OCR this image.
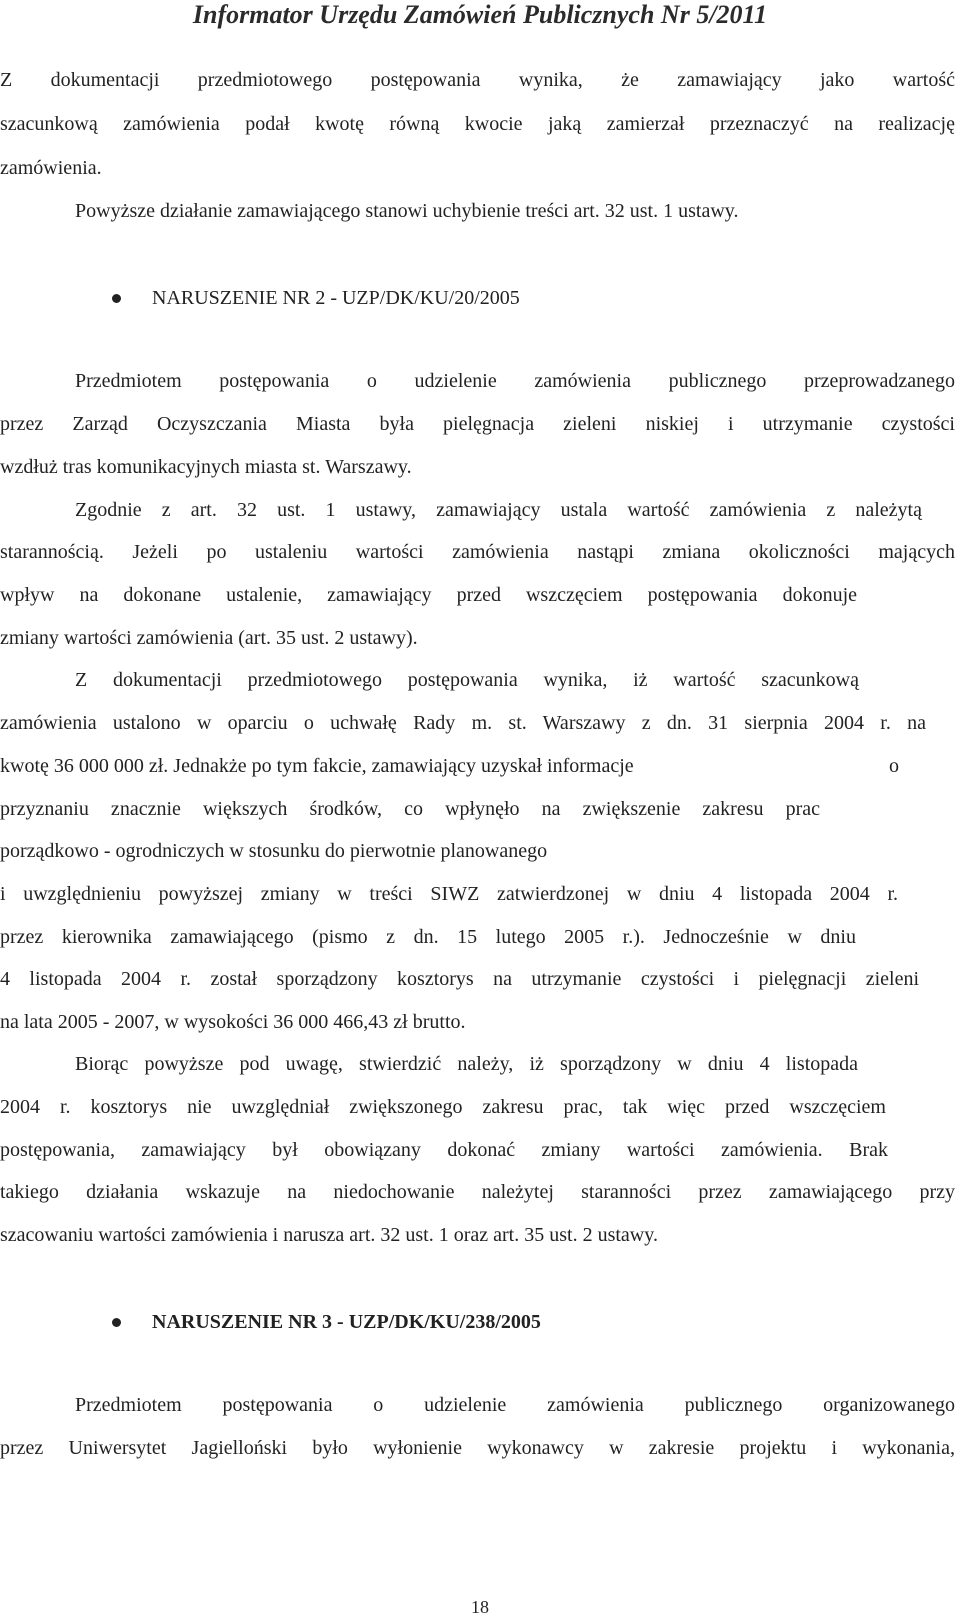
Informator Urzędu Zamówień Publicznych Nr 5/2011
Z dokumentacji przedmiotowego postępowania wynika, że zamawiający jako wartość
szacunkową zamówienia podał kwotę równą kwocie jaką zamierzał przeznaczyć na realizację
zamówienia.
Powyższe działanie zamawiającego stanowi uchybienie treści art. 32 ust. 1 ustawy.
NARUSZENIE NR 2 - UZP/DK/KU/20/2005
Przedmiotem postępowania o udzielenie zamówienia publicznego przeprowadzanego
przez Zarząd Oczyszczania Miasta była pielęgnacja zieleni niskiej i utrzymanie czystości
wzdłuż tras komunikacyjnych miasta st. Warszawy.
Zgodnie z art. 32 ust. 1 ustawy, zamawiający ustala wartość zamówienia z należytą
starannością. Jeżeli po ustaleniu wartości zamówienia nastąpi zmiana okoliczności mających
wpływ na dokonane ustalenie, zamawiający przed wszczęciem postępowania dokonuje
zmiany wartości zamówienia (art. 35 ust. 2 ustawy).
Z dokumentacji przedmiotowego postępowania wynika, iż wartość szacunkową
zamówienia ustalono w oparciu o uchwałę Rady m. st. Warszawy z dn. 31 sierpnia 2004 r. na
kwotę 36 000 000 zł. Jednakże po tym fakcie, zamawiający uzyskał informacje	o
przyznaniu znacznie większych środków, co wpłynęło na zwiększenie zakresu prac
porządkowo - ogrodniczych w stosunku do pierwotnie planowanego
i uwzględnieniu powyższej zmiany w treści SIWZ zatwierdzonej w dniu 4 listopada 2004 r.
przez kierownika zamawiającego (pismo z dn. 15 lutego 2005 r.). Jednocześnie w dniu
4 listopada 2004 r. został sporządzony kosztorys na utrzymanie czystości i pielęgnacji zieleni
na lata 2005 - 2007, w wysokości 36 000 466,43 zł brutto.
Biorąc powyższe pod uwagę, stwierdzić należy, iż sporządzony w dniu 4 listopada
2004 r. kosztorys nie uwzględniał zwiększonego zakresu prac, tak więc przed wszczęciem
postępowania, zamawiający był obowiązany dokonać zmiany wartości zamówienia. Brak
takiego działania wskazuje na niedochowanie należytej staranności przez zamawiającego przy
szacowaniu wartości zamówienia i narusza art. 32 ust. 1 oraz art. 35 ust. 2 ustawy.
NARUSZENIE NR 3 - UZP/DK/KU/238/2005
Przedmiotem postępowania o udzielenie zamówienia publicznego organizowanego
przez Uniwersytet Jagielloński było wyłonienie wykonawcy w zakresie projektu i wykonania,
18
